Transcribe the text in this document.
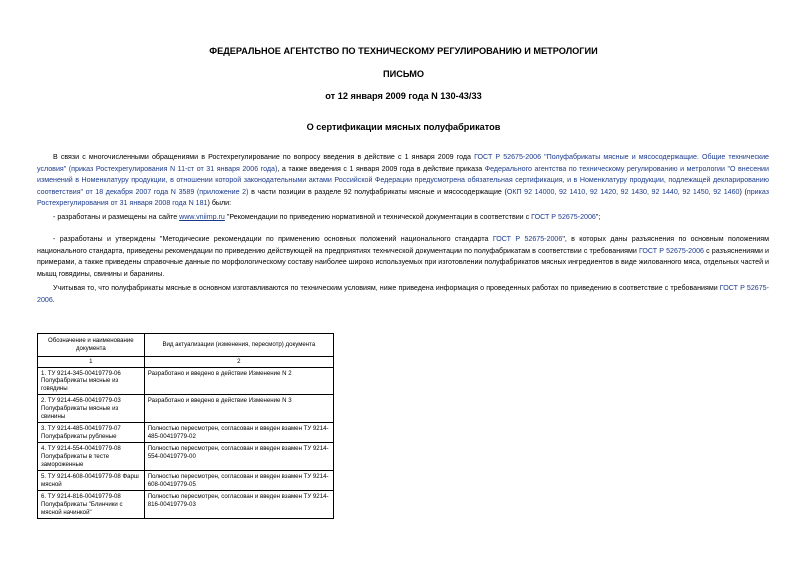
ФЕДЕРАЛЬНОЕ АГЕНТСТВО ПО ТЕХНИЧЕСКОМУ РЕГУЛИРОВАНИЮ И МЕТРОЛОГИИ
ПИСЬМО
от 12 января 2009 года N 130-43/33
О сертификации мясных полуфабрикатов
В связи с многочисленными обращениями в Ростехрегулирование по вопросу введения в действие с 1 января 2009 года ГОСТ Р 52675-2006 "Полуфабрикаты мясные и мясосодержащие. Общие технические условия" (приказ Ростехрегулирования N 11-ст от 31 января 2006 года), а также введения с 1 января 2009 года в действие приказа Федерального агентства по техническому регулированию и метрологии "О внесении изменений в Номенклатуру продукции, в отношении которой законодательными актами Российской Федерации предусмотрена обязательная сертификация, и в Номенклатуру продукции, подлежащей декларированию соответствия" от 18 декабря 2007 года N 3589 (приложение 2) в части позиции в разделе 92 полуфабрикаты мясные и мясосодержащие (ОКП 92 14000, 92 1410, 92 1420, 92 1430, 92 1440, 92 1450, 92 1460) (приказ Ростехрегулирования от 31 января 2008 года N 181) были:
- разработаны и размещены на сайте www.vniimp.ru "Рекомендации по приведению нормативной и технической документации в соответствии с ГОСТ Р 52675-2006";
- разработаны и утверждены "Методические рекомендации по применению основных положений национального стандарта ГОСТ Р 52675-2006", в которых даны разъяснения по основным положениям национального стандарта, приведены рекомендации по приведению действующей на предприятиях технической документации по полуфабрикатам в соответствии с требованиями ГОСТ Р 52675-2006 с разъяснениями и примерами, а также приведены справочные данные по морфологическому составу наиболее широко используемых при изготовлении полуфабрикатов мясных ингредиентов в виде жилованного мяса, отдельных частей и мышц говядины, свинины и баранины.
Учитывая то, что полуфабрикаты мясные в основном изготавливаются по техническим условиям, ниже приведена информация о проведенных работах по приведению в соответствие с требованиями ГОСТ Р 52675-2006.
Обозначение и наименование документа	Вид актуализации (изменения, пересмотр) документа
1	2
1. ТУ 9214-345-00419779-06 Полуфабрикаты мясные из говядины	Разработано и введено в действие Изменение N 2
2. ТУ 9214-456-00419779-03 Полуфабрикаты мясные из свинины	Разработано и введено в действие Изменение N 3
3. ТУ 9214-485-00419779-07 Полуфабрикаты рубленые	Полностью пересмотрен, согласован и введен взамен ТУ 9214-485-00419779-02
4. ТУ 9214-554-00419779-08 Полуфабрикаты в тесте замороженные	Полностью пересмотрен, согласован и введен взамен ТУ 9214-554-00419779-00
5. ТУ 9214-608-00419779-08 Фарш мясной	Полностью пересмотрен, согласован и введен взамен ТУ 9214-608-00419779-05
6. ТУ 9214-816-00419779-08 Полуфабрикаты "Блинчики с мясной начинкой"	Полностью пересмотрен, согласован и введен взамен ТУ 9214-816-00419779-03
